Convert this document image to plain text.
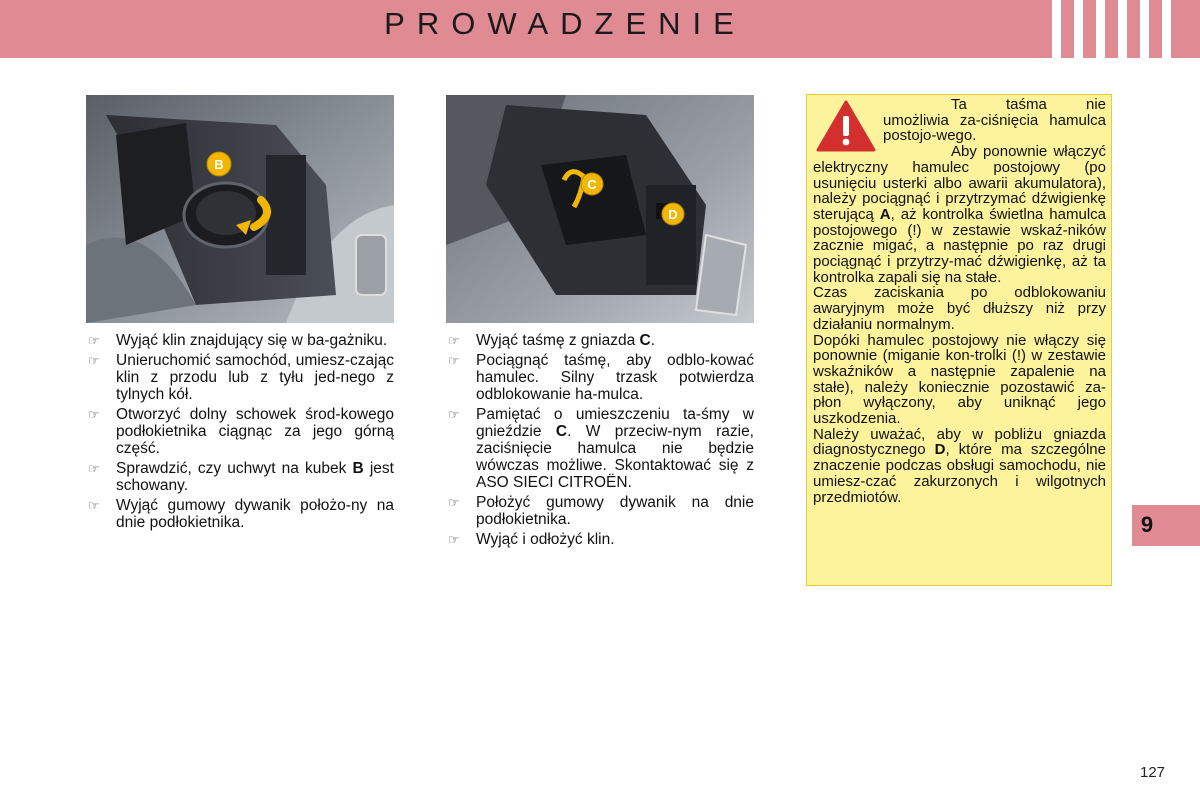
PROWADZENIE
B
C
D
☞ Wyjąć klin znajdujący się w ba-gażniku.
☞ Unieruchomić samochód, umiesz-czając klin z przodu lub z tyłu jed-nego z tylnych kół.
☞ Otworzyć dolny schowek środ-kowego podłokietnika ciągnąc za jego górną część.
☞ Sprawdzić, czy uchwyt na kubek B jest schowany.
☞ Wyjąć gumowy dywanik położo-ny na dnie podłokietnika.
☞ Wyjąć taśmę z gniazda C.
☞ Pociągnąć taśmę, aby odblo-kować hamulec. Silny trzask potwierdza odblokowanie ha-mulca.
☞ Pamiętać o umieszczeniu ta-śmy w gnieździe C. W przeciw-nym razie, zaciśnięcie hamulca nie będzie wówczas możliwe. Skontaktować się z ASO SIECI CITROËN.
☞ Położyć gumowy dywanik na dnie podłokietnika.
☞ Wyjąć i odłożyć klin.

Ta taśma nie umożliwia za-ciśnięcia hamulca postojo-wego.

Aby ponownie włączyć elektryczny hamulec postojowy (po usunięciu usterki albo awarii akumulatora), należy pociągnąć i przytrzymać dźwigienkę sterującą A, aż kontrolka świetlna hamulca postojowego (!) w zestawie wskaź-ników zacznie migać, a następnie po raz drugi pociągnąć i przytrzy-mać dźwigienkę, aż ta kontrolka zapali się na stałe.

Czas zaciskania po odblokowaniu awaryjnym może być dłuższy niż przy działaniu normalnym.

Dopóki hamulec postojowy nie włączy się ponownie (miganie kon-trolki (!) w zestawie wskaźników a następnie zapalenie na stałe), należy koniecznie pozostawić za-płon wyłączony, aby uniknąć jego uszkodzenia.

Należy uważać, aby w pobliżu gniazda diagnostycznego D, które ma szczególne znaczenie podczas obsługi samochodu, nie umiesz-czać zakurzonych i wilgotnych przedmiotów.

9
127
